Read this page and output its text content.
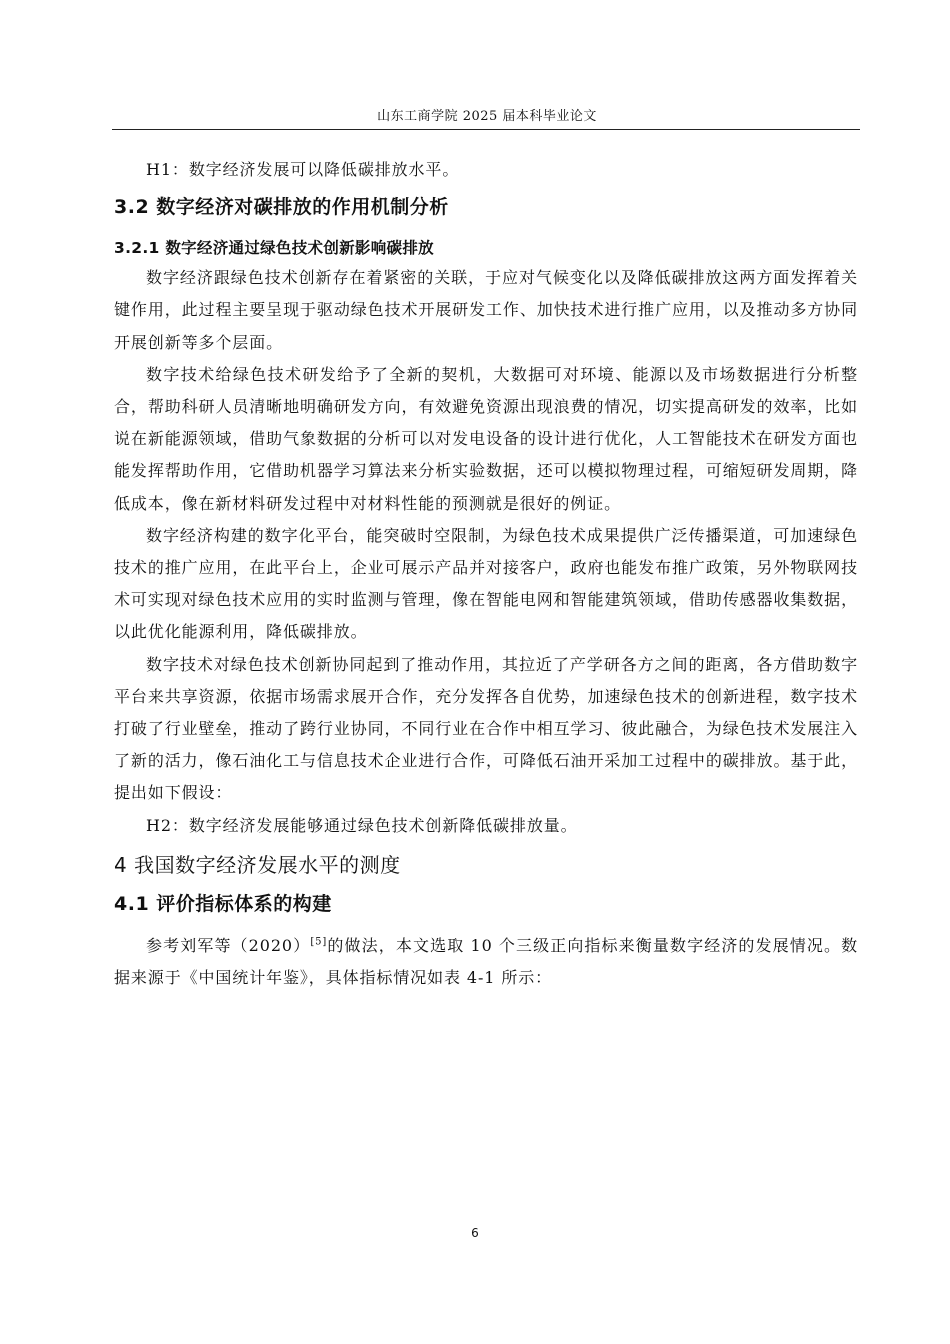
山东工商学院 2025 届本科毕业论文

H1：数字经济发展可以降低碳排放水平。

3.2 数字经济对碳排放的作用机制分析
3.2.1 数字经济通过绿色技术创新影响碳排放

数字经济跟绿色技术创新存在着紧密的关联，于应对气候变化以及降低碳排放这两方面发挥着关键作用，此过程主要呈现于驱动绿色技术开展研发工作、加快技术进行推广应用，以及推动多方协同开展创新等多个层面。

数字技术给绿色技术研发给予了全新的契机，大数据可对环境、能源以及市场数据进行分析整合，帮助科研人员清晰地明确研发方向，有效避免资源出现浪费的情况，切实提高研发的效率，比如说在新能源领域，借助气象数据的分析可以对发电设备的设计进行优化，人工智能技术在研发方面也能发挥帮助作用，它借助机器学习算法来分析实验数据，还可以模拟物理过程，可缩短研发周期，降低成本，像在新材料研发过程中对材料性能的预测就是很好的例证。

数字经济构建的数字化平台，能突破时空限制，为绿色技术成果提供广泛传播渠道，可加速绿色技术的推广应用，在此平台上，企业可展示产品并对接客户，政府也能发布推广政策，另外物联网技术可实现对绿色技术应用的实时监测与管理，像在智能电网和智能建筑领域，借助传感器收集数据，以此优化能源利用，降低碳排放。

数字技术对绿色技术创新协同起到了推动作用，其拉近了产学研各方之间的距离，各方借助数字平台来共享资源，依据市场需求展开合作，充分发挥各自优势，加速绿色技术的创新进程，数字技术打破了行业壁垒，推动了跨行业协同，不同行业在合作中相互学习、彼此融合，为绿色技术发展注入了新的活力，像石油化工与信息技术企业进行合作，可降低石油开采加工过程中的碳排放。基于此，提出如下假设：

H2：数字经济发展能够通过绿色技术创新降低碳排放量。

4 我国数字经济发展水平的测度
4.1 评价指标体系的构建

参考刘军等（2020）[5]的做法，本文选取 10 个三级正向指标来衡量数字经济的发展情况。数据来源于《中国统计年鉴》，具体指标情况如表 4-1 所示：

6
